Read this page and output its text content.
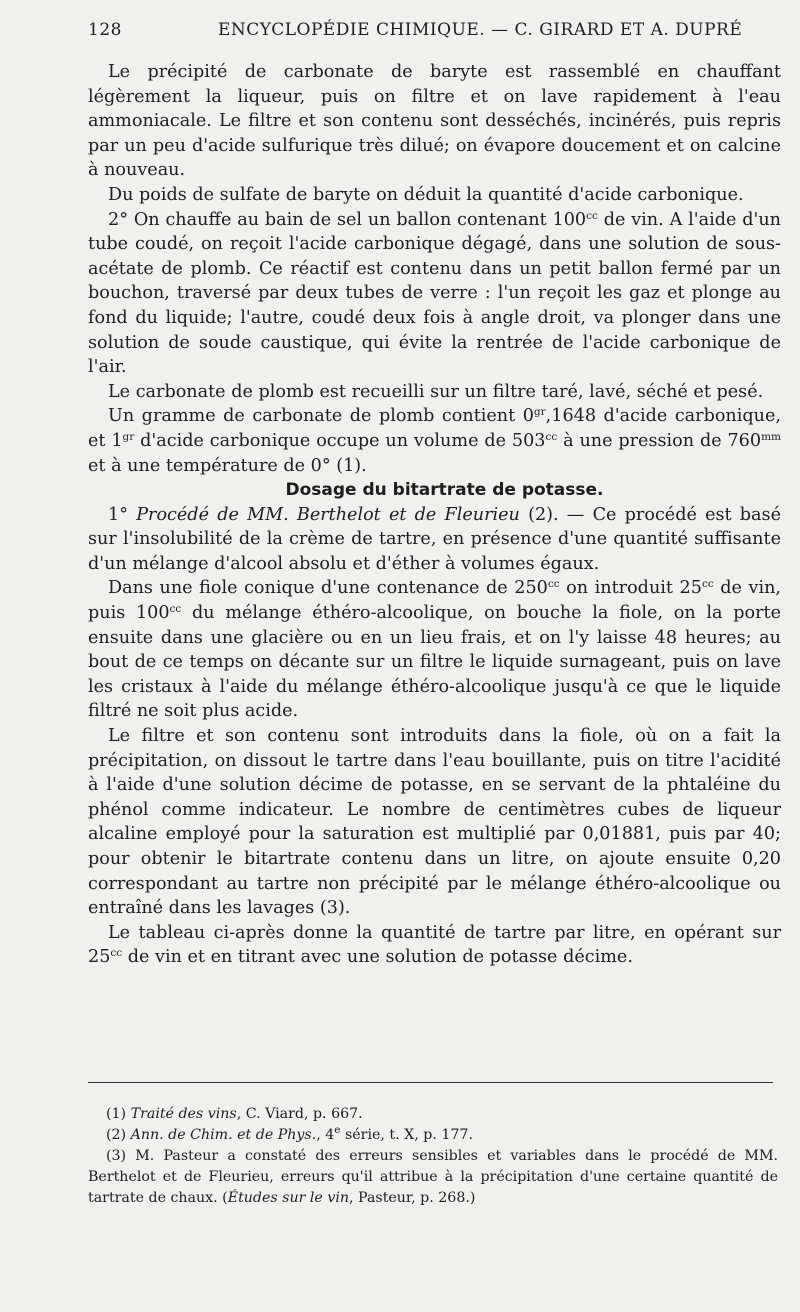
128	ENCYCLOPÉDIE CHIMIQUE. — C. GIRARD ET A. DUPRÉ

Le précipité de carbonate de baryte est rassemblé en chauffant légèrement la liqueur, puis on filtre et on lave rapidement à l'eau ammoniacale. Le filtre et son contenu sont desséchés, incinérés, puis repris par un peu d'acide sulfurique très dilué; on évapore doucement et on calcine à nouveau.

Du poids de sulfate de baryte on déduit la quantité d'acide carbonique.

2° On chauffe au bain de sel un ballon contenant $100^{cc}$ de vin. A l'aide d'un tube coudé, on reçoit l'acide carbonique dégagé, dans une solution de sous-acétate de plomb. Ce réactif est contenu dans un petit ballon fermé par un bouchon, traversé par deux tubes de verre : l'un reçoit les gaz et plonge au fond du liquide; l'autre, coudé deux fois à angle droit, va plonger dans une solution de soude caustique, qui évite la rentrée de l'acide carbonique de l'air.

Le carbonate de plomb est recueilli sur un filtre taré, lavé, séché et pesé.

Un gramme de carbonate de plomb contient $0^{gr},1648$ d'acide carbonique, et $1^{gr}$ d'acide carbonique occupe un volume de $503^{cc}$ à une pression de $760^{mm}$ et à une température de 0° (1).

Dosage du bitartrate de potasse.

1° Procédé de MM. Berthelot et de Fleurieu (2). — Ce procédé est basé sur l'insolubilité de la crème de tartre, en présence d'une quantité suffisante d'un mélange d'alcool absolu et d'éther à volumes égaux.

Dans une fiole conique d'une contenance de $250^{cc}$ on introduit $25^{cc}$ de vin, puis $100^{cc}$ du mélange éthéro-alcoolique, on bouche la fiole, on la porte ensuite dans une glacière ou en un lieu frais, et on l'y laisse 48 heures; au bout de ce temps on décante sur un filtre le liquide surnageant, puis on lave les cristaux à l'aide du mélange éthéro-alcoolique jusqu'à ce que le liquide filtré ne soit plus acide.

Le filtre et son contenu sont introduits dans la fiole, où on a fait la précipitation, on dissout le tartre dans l'eau bouillante, puis on titre l'acidité à l'aide d'une solution décime de potasse, en se servant de la phtaléine du phénol comme indicateur. Le nombre de centimètres cubes de liqueur alcaline employé pour la saturation est multiplié par 0,01881, puis par 40; pour obtenir le bitartrate contenu dans un litre, on ajoute ensuite 0,20 correspondant au tartre non précipité par le mélange éthéro-alcoolique ou entraîné dans les lavages (3).

Le tableau ci-après donne la quantité de tartre par litre, en opérant sur $25^{cc}$ de vin et en titrant avec une solution de potasse décime.

(1) Traité des vins, C. Viard, p. 667.

(2) Ann. de Chim. et de Phys., 4e série, t. X, p. 177.

(3) M. Pasteur a constaté des erreurs sensibles et variables dans le procédé de MM. Berthelot et de Fleurieu, erreurs qu'il attribue à la précipitation d'une certaine quantité de tartrate de chaux. (Études sur le vin, Pasteur, p. 268.)
